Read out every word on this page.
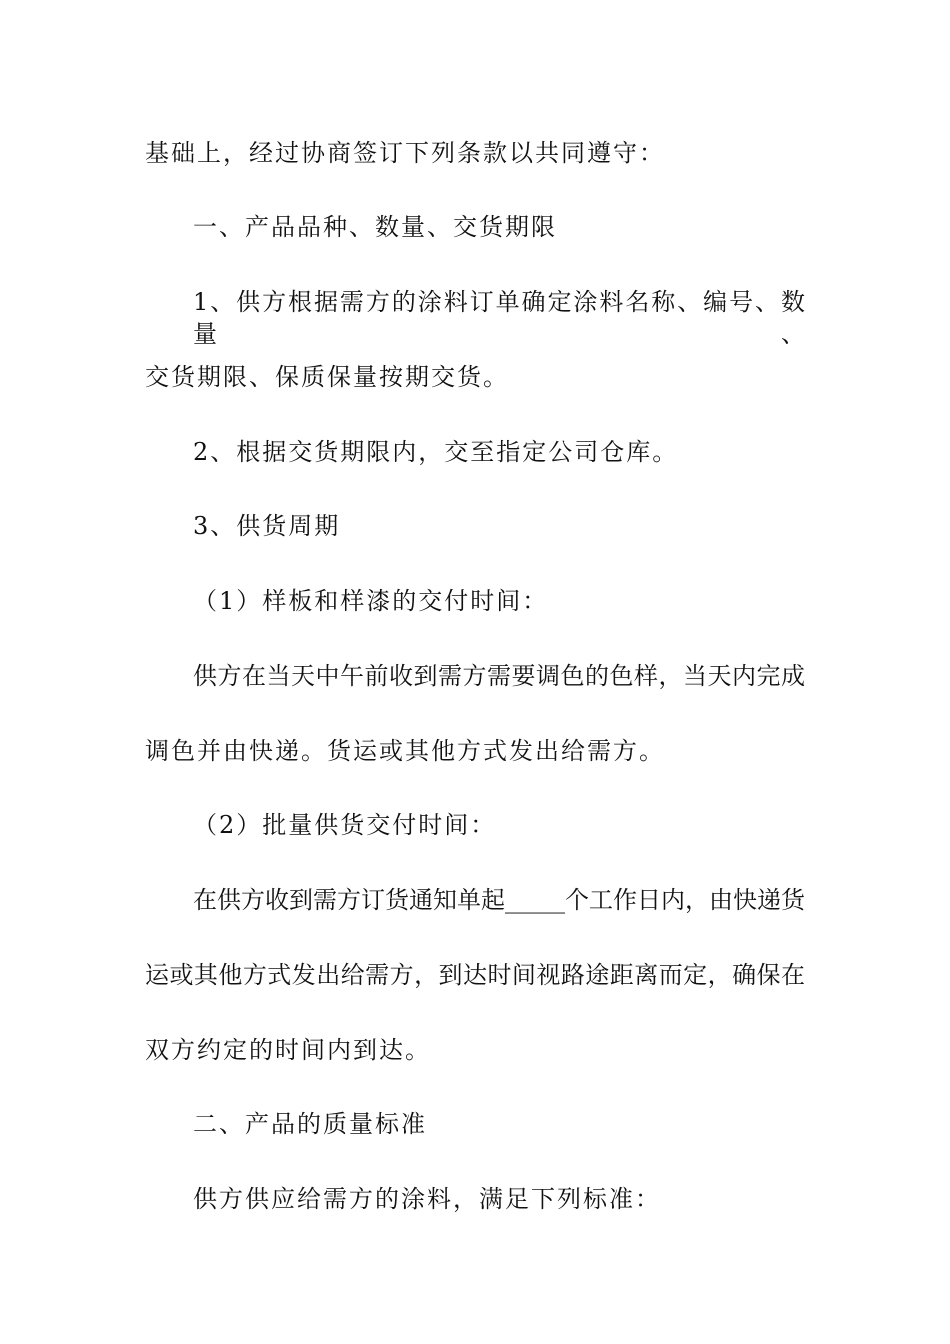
基础上，经过协商签订下列条款以共同遵守：
一、产品品种、数量、交货期限
1、供方根据需方的涂料订单确定涂料名称、编号、数量、
交货期限、保质保量按期交货。
2、根据交货期限内，交至指定公司仓库。
3、供货周期
（1）样板和样漆的交付时间：
供方在当天中午前收到需方需要调色的色样，当天内完成
调色并由快递。货运或其他方式发出给需方。
（2）批量供货交付时间：
在供方收到需方订货通知单起_____个工作日内，由快递货
运或其他方式发出给需方，到达时间视路途距离而定，确保在
双方约定的时间内到达。
二、产品的质量标准
供方供应给需方的涂料，满足下列标准：
